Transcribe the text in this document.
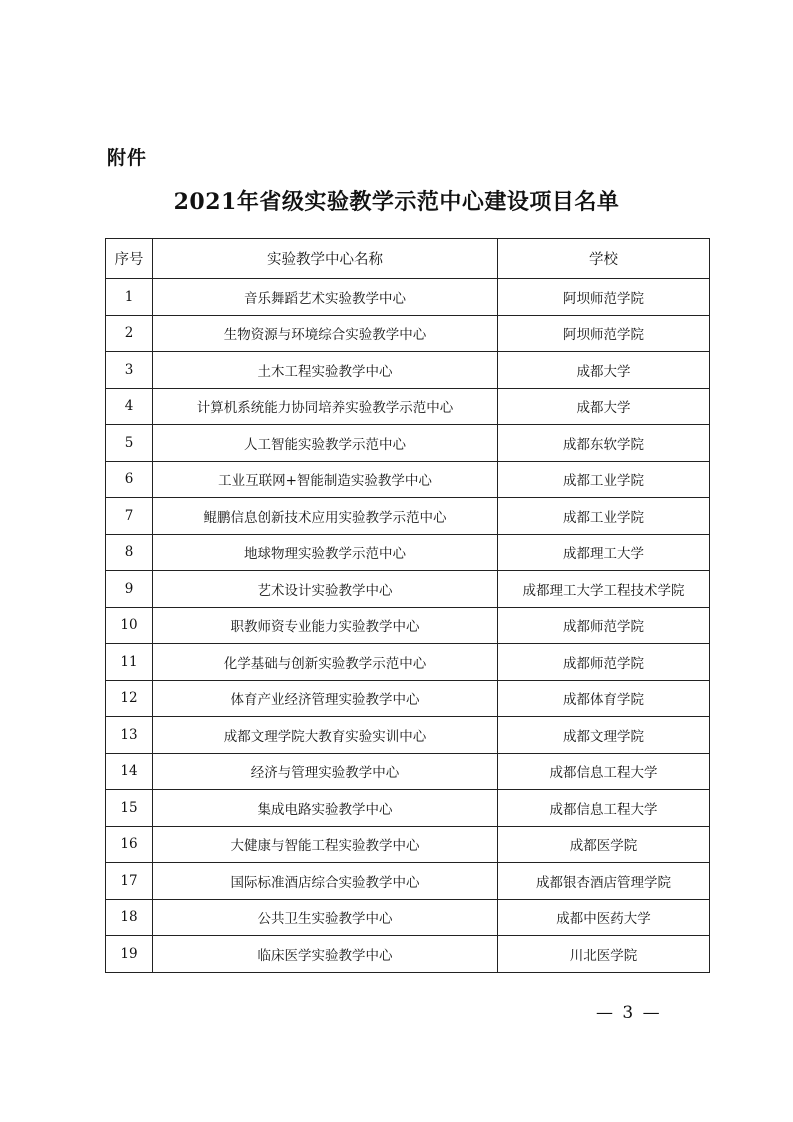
附件
2021年省级实验教学示范中心建设项目名单
序号	实验教学中心名称	学校
1	音乐舞蹈艺术实验教学中心	阿坝师范学院
2	生物资源与环境综合实验教学中心	阿坝师范学院
3	土木工程实验教学中心	成都大学
4	计算机系统能力协同培养实验教学示范中心	成都大学
5	人工智能实验教学示范中心	成都东软学院
6	工业互联网+智能制造实验教学中心	成都工业学院
7	鲲鹏信息创新技术应用实验教学示范中心	成都工业学院
8	地球物理实验教学示范中心	成都理工大学
9	艺术设计实验教学中心	成都理工大学工程技术学院
10	职教师资专业能力实验教学中心	成都师范学院
11	化学基础与创新实验教学示范中心	成都师范学院
12	体育产业经济管理实验教学中心	成都体育学院
13	成都文理学院大教育实验实训中心	成都文理学院
14	经济与管理实验教学中心	成都信息工程大学
15	集成电路实验教学中心	成都信息工程大学
16	大健康与智能工程实验教学中心	成都医学院
17	国际标准酒店综合实验教学中心	成都银杏酒店管理学院
18	公共卫生实验教学中心	成都中医药大学
19	临床医学实验教学中心	川北医学院
— 3 —
